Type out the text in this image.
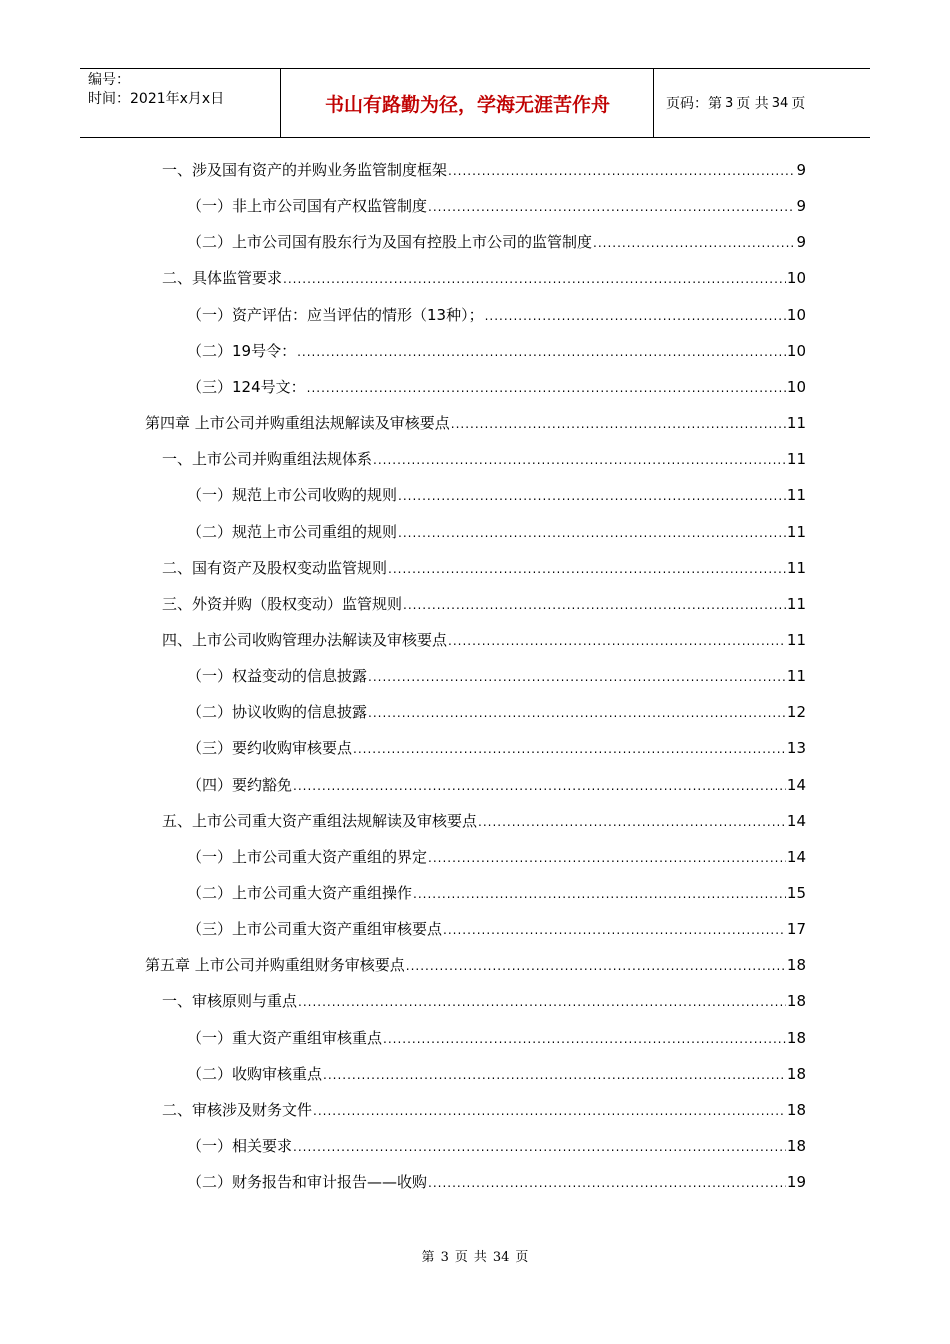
编号：
时间：2021年x月x日	书山有路勤为径，学海无涯苦作舟	页码：第 3 页 共 34 页
一、涉及国有资产的并购业务监管制度框架 .....	9
（一）非上市公司国有产权监管制度 .....	9
（二）上市公司国有股东行为及国有控股上市公司的监管制度 .....	9
二、具体监管要求 .....	10
（一）资产评估：应当评估的情形（13种）； .....	10
（二）19号令： .....	10
（三）124号文： .....	10
第四章 上市公司并购重组法规解读及审核要点 .....	11
一、上市公司并购重组法规体系 .....	11
（一）规范上市公司收购的规则 .....	11
（二）规范上市公司重组的规则 .....	11
二、国有资产及股权变动监管规则 .....	11
三、外资并购（股权变动）监管规则 .....	11
四、上市公司收购管理办法解读及审核要点 .....	11
（一）权益变动的信息披露 .....	11
（二）协议收购的信息披露 .....	12
（三）要约收购审核要点 .....	13
（四）要约豁免 .....	14
五、上市公司重大资产重组法规解读及审核要点 .....	14
（一）上市公司重大资产重组的界定 .....	14
（二）上市公司重大资产重组操作 .....	15
（三）上市公司重大资产重组审核要点 .....	17
第五章 上市公司并购重组财务审核要点 .....	18
一、审核原则与重点 .....	18
（一）重大资产重组审核重点 .....	18
（二）收购审核重点 .....	18
二、审核涉及财务文件 .....	18
（一）相关要求 .....	18
（二）财务报告和审计报告——收购 .....	19
第 3 页 共 34 页
